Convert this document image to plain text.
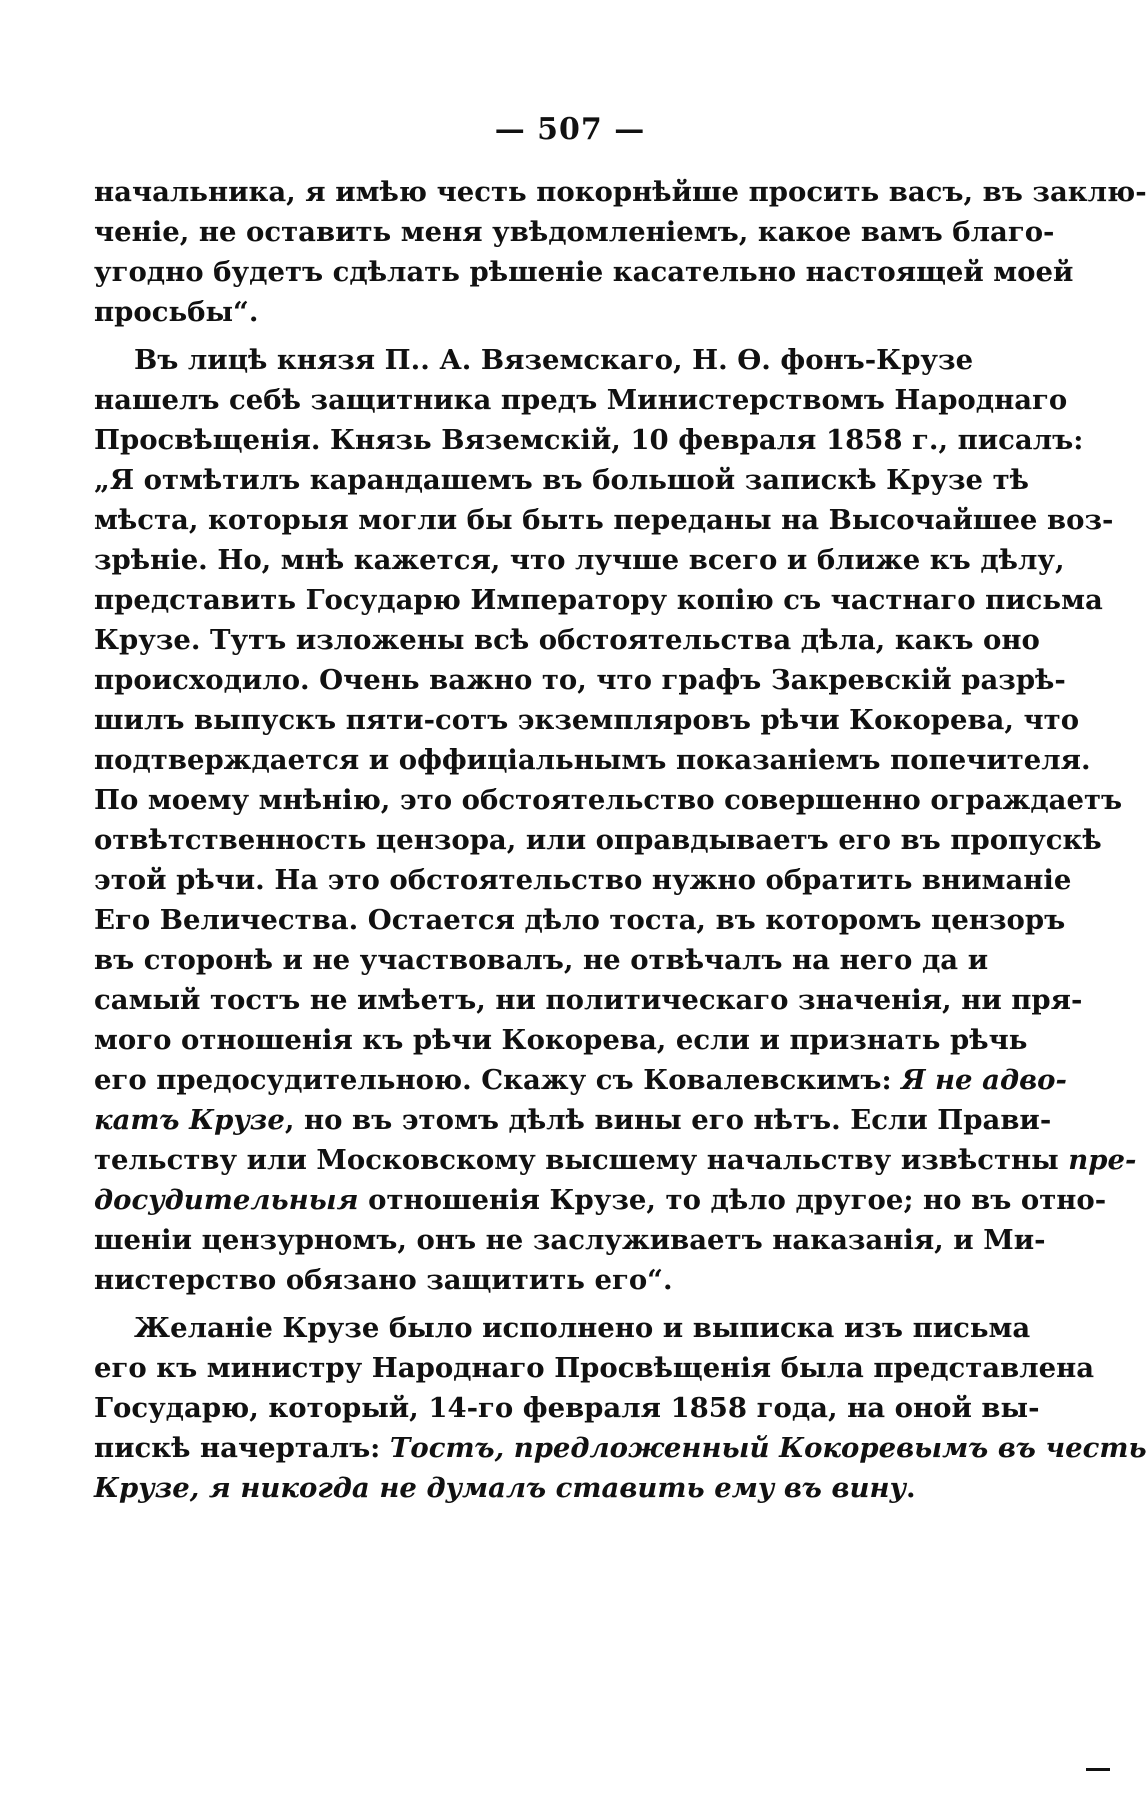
— 507 —
начальника, я имѣю честь покорнѣйше просить васъ, въ заклю-
ченіе, не оставить меня увѣдомленіемъ, какое вамъ благо-
угодно будетъ сдѣлать рѣшеніе касательно настоящей моей
просьбы“.
Въ лицѣ князя П.. А. Вяземскаго, Н. Ѳ. фонъ-Крузе
нашелъ себѣ защитника предъ Министерствомъ Народнаго
Просвѣщенія. Князь Вяземскій, 10 февраля 1858 г., писалъ:
„Я отмѣтилъ карандашемъ въ большой запискѣ Крузе тѣ
мѣста, которыя могли бы быть переданы на Высочайшее воз-
зрѣніе. Но, мнѣ кажется, что лучше всего и ближе къ дѣлу,
представить Государю Императору копію съ частнаго письма
Крузе. Тутъ изложены всѣ обстоятельства дѣла, какъ оно
происходило. Очень важно то, что графъ Закревскій разрѣ-
шилъ выпускъ пяти-сотъ экземпляровъ рѣчи Кокорева, что
подтверждается и оффиціальнымъ показаніемъ попечителя.
По моему мнѣнію, это обстоятельство совершенно ограждаетъ
отвѣтственность цензора, или оправдываетъ его въ пропускѣ
этой рѣчи. На это обстоятельство нужно обратить вниманіе
Его Величества. Остается дѣло тоста, въ которомъ цензоръ
въ сторонѣ и не участвовалъ, не отвѣчалъ на него да и
самый тостъ не имѣетъ, ни политическаго значенія, ни пря-
мого отношенія къ рѣчи Кокорева, если и признать рѣчь
его предосудительною. Скажу съ Ковалевскимъ: Я не адво-
катъ Крузе, но въ этомъ дѣлѣ вины его нѣтъ. Если Прави-
тельству или Московскому высшему начальству извѣстны пре-
досудительныя отношенія Крузе, то дѣло другое; но въ отно-
шеніи цензурномъ, онъ не заслуживаетъ наказанія, и Ми-
нистерство обязано защитить его“.
Желаніе Крузе было исполнено и выписка изъ письма
его къ министру Народнаго Просвѣщенія была представлена
Государю, который, 14-го февраля 1858 года, на оной вы-
пискѣ начерталъ: Тостъ, предложенный Кокоревымъ въ честь
Крузе, я никогда не думалъ ставить ему въ вину.
